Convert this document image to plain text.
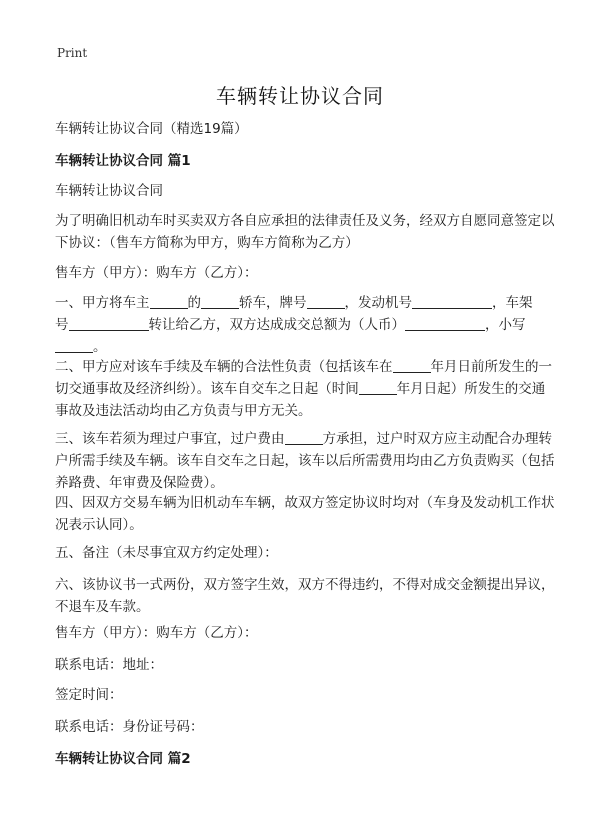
Print
车辆转让协议合同

车辆转让协议合同（精选19篇）

车辆转让协议合同 篇1

车辆转让协议合同

为了明确旧机动车时买卖双方各自应承担的法律责任及义务，经双方自愿同意签定以下协议：（售车方简称为甲方，购车方简称为乙方）

售车方（甲方）：购车方（乙方）：

一、甲方将车主	的	轿车，牌号	，发动机号	，车架
号	转让给乙方，双方达成成交总额为（人币）	，小写
。

二、甲方应对该车手续及车辆的合法性负责（包括该车在	年月日前所发生的一切交通事故及经济纠纷）。该车自交车之日起（时间	年月日起）所发生的交通事故及违法活动均由乙方负责与甲方无关。

三、该车若须为理过户事宜，过户费由	方承担，过户时双方应主动配合办理转户所需手续及车辆。该车自交车之日起，该车以后所需费用均由乙方负责购买（包括养路费、年审费及保险费）。

四、因双方交易车辆为旧机动车车辆，故双方签定协议时均对（车身及发动机工作状况表示认同）。

五、备注（未尽事宜双方约定处理）：

六、该协议书一式两份，双方签字生效，双方不得违约，不得对成交金额提出异议，不退车及车款。

售车方（甲方）：购车方（乙方）：

联系电话：地址：

签定时间：

联系电话：身份证号码：

车辆转让协议合同 篇2
